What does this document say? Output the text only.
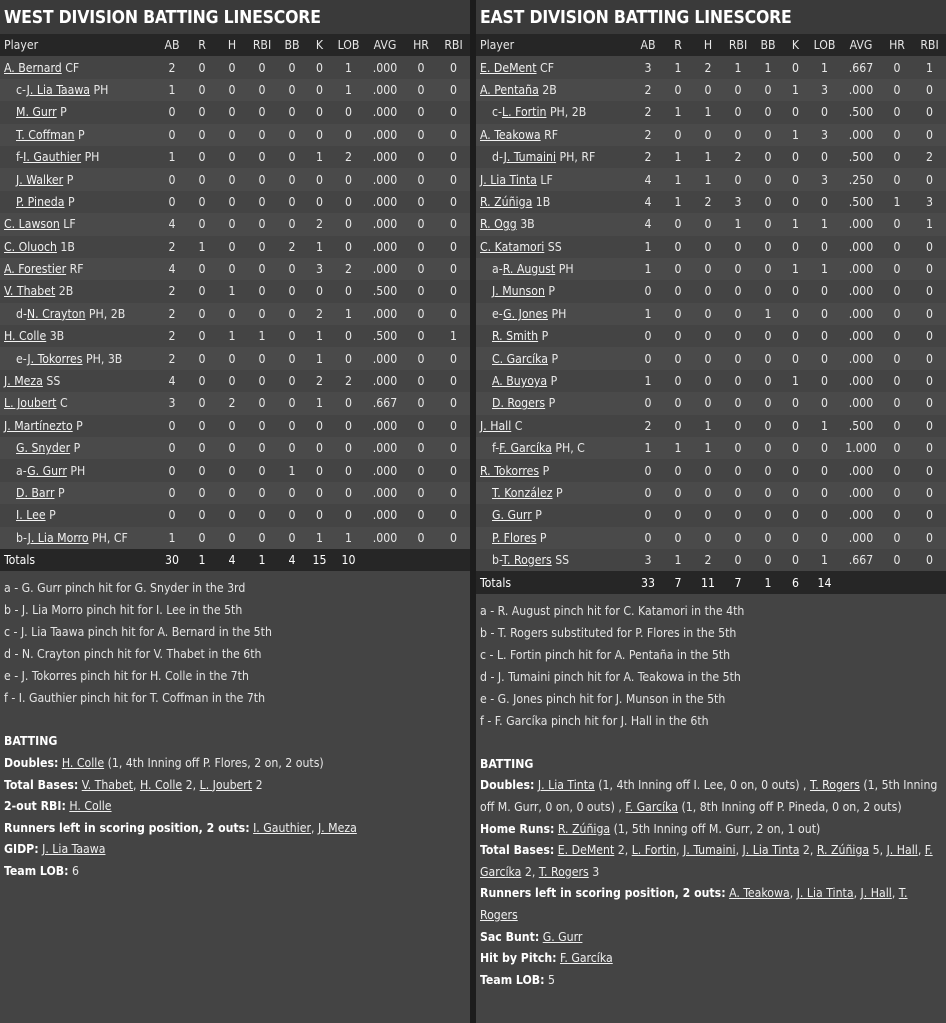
WEST DIVISION BATTING LINESCORE
Player	AB	R	H	RBI	BB	K	LOB	AVG	HR	RBI
A. Bernard CF	2	0	0	0	0	0	1	.000	0	0
c-J. Lia Taawa PH	1	0	0	0	0	0	1	.000	0	0
M. Gurr P	0	0	0	0	0	0	0	.000	0	0
T. Coffman P	0	0	0	0	0	0	0	.000	0	0
f-I. Gauthier PH	1	0	0	0	0	1	2	.000	0	0
J. Walker P	0	0	0	0	0	0	0	.000	0	0
P. Pineda P	0	0	0	0	0	0	0	.000	0	0
C. Lawson LF	4	0	0	0	0	2	0	.000	0	0
C. Oluoch 1B	2	1	0	0	2	1	0	.000	0	0
A. Forestier RF	4	0	0	0	0	3	2	.000	0	0
V. Thabet 2B	2	0	1	0	0	0	0	.500	0	0
d-N. Crayton PH, 2B	2	0	0	0	0	2	1	.000	0	0
H. Colle 3B	2	0	1	1	0	1	0	.500	0	1
e-J. Tokorres PH, 3B	2	0	0	0	0	1	0	.000	0	0
J. Meza SS	4	0	0	0	0	2	2	.000	0	0
L. Joubert C	3	0	2	0	0	1	0	.667	0	0
J. Martínezto P	0	0	0	0	0	0	0	.000	0	0
G. Snyder P	0	0	0	0	0	0	0	.000	0	0
a-G. Gurr PH	0	0	0	0	1	0	0	.000	0	0
D. Barr P	0	0	0	0	0	0	0	.000	0	0
I. Lee P	0	0	0	0	0	0	0	.000	0	0
b-J. Lia Morro PH, CF	1	0	0	0	0	1	1	.000	0	0
Totals	30	1	4	1	4	15	10			
a - G. Gurr pinch hit for G. Snyder in the 3rd
b - J. Lia Morro pinch hit for I. Lee in the 5th
c - J. Lia Taawa pinch hit for A. Bernard in the 5th
d - N. Crayton pinch hit for V. Thabet in the 6th
e - J. Tokorres pinch hit for H. Colle in the 7th
f - I. Gauthier pinch hit for T. Coffman in the 7th
BATTING
Doubles: H. Colle (1, 4th Inning off P. Flores, 2 on, 2 outs)
Total Bases: V. Thabet, H. Colle 2, L. Joubert 2
2-out RBI: H. Colle
Runners left in scoring position, 2 outs: I. Gauthier, J. Meza
GIDP: J. Lia Taawa
Team LOB: 6
EAST DIVISION BATTING LINESCORE
Player	AB	R	H	RBI	BB	K	LOB	AVG	HR	RBI
E. DeMent CF	3	1	2	1	1	0	1	.667	0	1
A. Pentaña 2B	2	0	0	0	0	1	3	.000	0	0
c-L. Fortin PH, 2B	2	1	1	0	0	0	0	.500	0	0
A. Teakowa RF	2	0	0	0	0	1	3	.000	0	0
d-J. Tumaini PH, RF	2	1	1	2	0	0	0	.500	0	2
J. Lia Tinta LF	4	1	1	0	0	0	3	.250	0	0
R. Zúñiga 1B	4	1	2	3	0	0	0	.500	1	3
R. Ogg 3B	4	0	0	1	0	1	1	.000	0	1
C. Katamori SS	1	0	0	0	0	0	0	.000	0	0
a-R. August PH	1	0	0	0	0	1	1	.000	0	0
J. Munson P	0	0	0	0	0	0	0	.000	0	0
e-G. Jones PH	1	0	0	0	1	0	0	.000	0	0
R. Smith P	0	0	0	0	0	0	0	.000	0	0
C. Garcíka P	0	0	0	0	0	0	0	.000	0	0
A. Buyoya P	1	0	0	0	0	1	0	.000	0	0
D. Rogers P	0	0	0	0	0	0	0	.000	0	0
J. Hall C	2	0	1	0	0	0	1	.500	0	0
f-F. Garcíka PH, C	1	1	1	0	0	0	0	1.000	0	0
R. Tokorres P	0	0	0	0	0	0	0	.000	0	0
T. Konzález P	0	0	0	0	0	0	0	.000	0	0
G. Gurr P	0	0	0	0	0	0	0	.000	0	0
P. Flores P	0	0	0	0	0	0	0	.000	0	0
b-T. Rogers SS	3	1	2	0	0	0	1	.667	0	0
Totals	33	7	11	7	1	6	14			
a - R. August pinch hit for C. Katamori in the 4th
b - T. Rogers substituted for P. Flores in the 5th
c - L. Fortin pinch hit for A. Pentaña in the 5th
d - J. Tumaini pinch hit for A. Teakowa in the 5th
e - G. Jones pinch hit for J. Munson in the 5th
f - F. Garcíka pinch hit for J. Hall in the 6th
BATTING
Doubles: J. Lia Tinta (1, 4th Inning off I. Lee, 0 on, 0 outs) , T. Rogers (1, 5th Inning off M. Gurr, 0 on, 0 outs) , F. Garcíka (1, 8th Inning off P. Pineda, 0 on, 2 outs)
Home Runs: R. Zúñiga (1, 5th Inning off M. Gurr, 2 on, 1 out)
Total Bases: E. DeMent 2, L. Fortin, J. Tumaini, J. Lia Tinta 2, R. Zúñiga 5, J. Hall, F. Garcíka 2, T. Rogers 3
Runners left in scoring position, 2 outs: A. Teakowa, J. Lia Tinta, J. Hall, T. Rogers
Sac Bunt: G. Gurr
Hit by Pitch: F. Garcíka
Team LOB: 5
